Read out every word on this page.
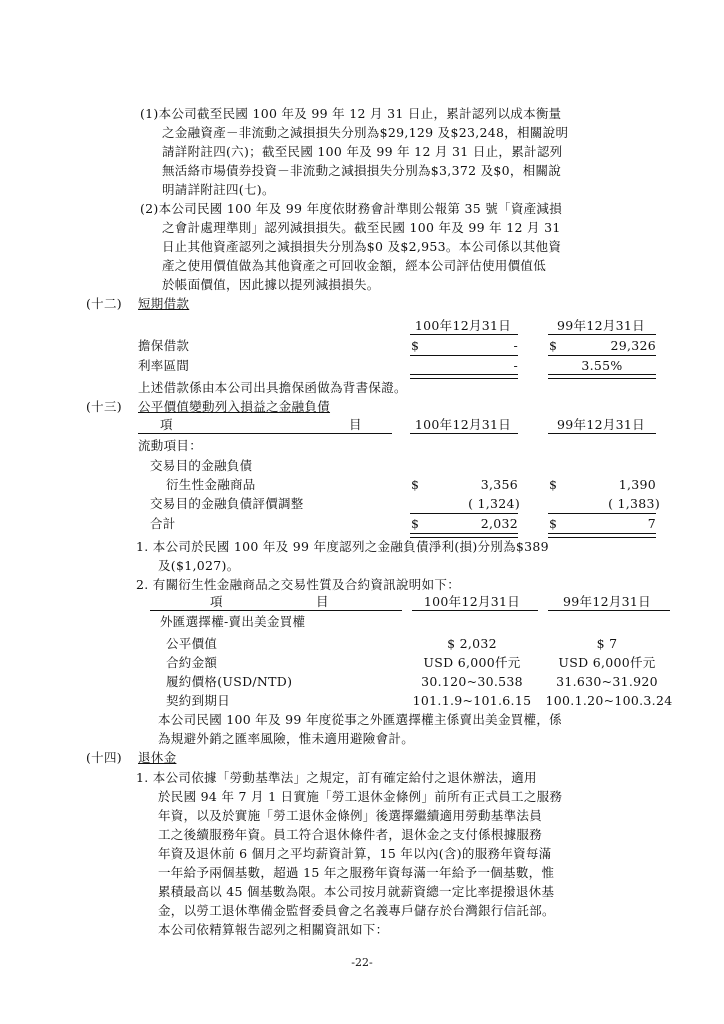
(1)本公司截至民國 100 年及 99 年 12 月 31 日止，累計認列以成本衡量
之金融資產－非流動之減損損失分別為$29,129 及$23,248，相關說明
請詳附註四(六)；截至民國 100 年及 99 年 12 月 31 日止，累計認列
無活絡市場債券投資－非流動之減損損失分別為$3,372 及$0，相關說
明請詳附註四(七)。
(2)本公司民國 100 年及 99 年度依財務會計準則公報第 35 號「資產減損
之會計處理準則」認列減損損失。截至民國 100 年及 99 年 12 月 31
日止其他資產認列之減損損失分別為$0 及$2,953。本公司係以其他資
產之使用價值做為其他資產之可回收金額，經本公司評估使用價值低
於帳面價值，因此據以提列減損損失。
(十二) 短期借款
100年12月31日	99年12月31日
擔保借款	$	- $	29,326
利率區間	-	3.55%
上述借款係由本公司出具擔保函做為背書保證。
(十三) 公平價值變動列入損益之金融負債
項	目	100年12月31日	99年12月31日
流動項目：
交易目的金融負債
衍生性金融商品	$	3,356 $	1,390
交易目的金融負債評價調整	( 1,324)	( 1,383)
合計	$	2,032 $	7
1. 本公司於民國 100 年及 99 年度認列之金融負債淨利(損)分別為$389
及($1,027)。
2. 有關衍生性金融商品之交易性質及合約資訊說明如下：
項	目	100年12月31日	99年12月31日
外匯選擇權-賣出美金買權
公平價值	$ 2,032	$ 7
合約金額	USD 6,000仟元	USD 6,000仟元
履約價格(USD/NTD)	30.120~30.538	31.630~31.920
契約到期日	101.1.9~101.6.15	100.1.20~100.3.24
本公司民國 100 年及 99 年度從事之外匯選擇權主係賣出美金買權，係
為規避外銷之匯率風險，惟未適用避險會計。
(十四) 退休金
1. 本公司依據「勞動基準法」之規定，訂有確定給付之退休辦法，適用
於民國 94 年 7 月 1 日實施「勞工退休金條例」前所有正式員工之服務
年資，以及於實施「勞工退休金條例」後選擇繼續適用勞動基準法員
工之後續服務年資。員工符合退休條件者，退休金之支付係根據服務
年資及退休前 6 個月之平均薪資計算，15 年以內(含)的服務年資每滿
一年給予兩個基數，超過 15 年之服務年資每滿一年給予一個基數，惟
累積最高以 45 個基數為限。本公司按月就薪資總一定比率提撥退休基
金，以勞工退休準備金監督委員會之名義專戶儲存於台灣銀行信託部。
本公司依精算報告認列之相關資訊如下：
-22-
